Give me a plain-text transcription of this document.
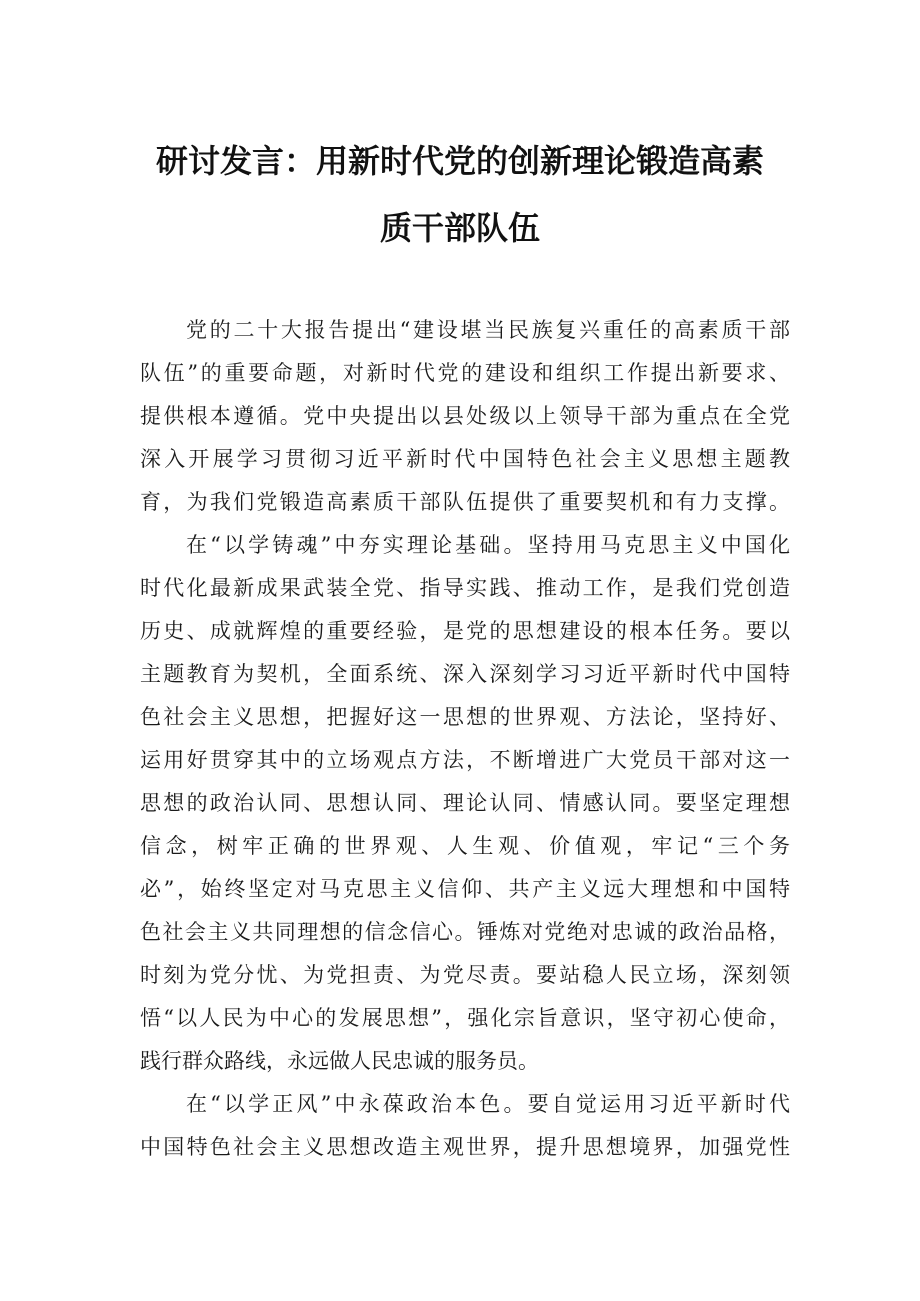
研讨发言：用新时代党的创新理论锻造高素
质干部队伍
党的二十大报告提出“建设堪当民族复兴重任的高素质干部
队伍”的重要命题，对新时代党的建设和组织工作提出新要求、
提供根本遵循。党中央提出以县处级以上领导干部为重点在全党
深入开展学习贯彻习近平新时代中国特色社会主义思想主题教
育，为我们党锻造高素质干部队伍提供了重要契机和有力支撑。
在“以学铸魂”中夯实理论基础。坚持用马克思主义中国化
时代化最新成果武装全党、指导实践、推动工作，是我们党创造
历史、成就辉煌的重要经验，是党的思想建设的根本任务。要以
主题教育为契机，全面系统、深入深刻学习习近平新时代中国特
色社会主义思想，把握好这一思想的世界观、方法论，坚持好、
运用好贯穿其中的立场观点方法，不断增进广大党员干部对这一
思想的政治认同、思想认同、理论认同、情感认同。要坚定理想
信念，树牢正确的世界观、人生观、价值观，牢记“三个务
必”，始终坚定对马克思主义信仰、共产主义远大理想和中国特
色社会主义共同理想的信念信心。锤炼对党绝对忠诚的政治品格，
时刻为党分忧、为党担责、为党尽责。要站稳人民立场，深刻领
悟“以人民为中心的发展思想”，强化宗旨意识，坚守初心使命，
践行群众路线，永远做人民忠诚的服务员。
在“以学正风”中永葆政治本色。要自觉运用习近平新时代
中国特色社会主义思想改造主观世界，提升思想境界，加强党性
